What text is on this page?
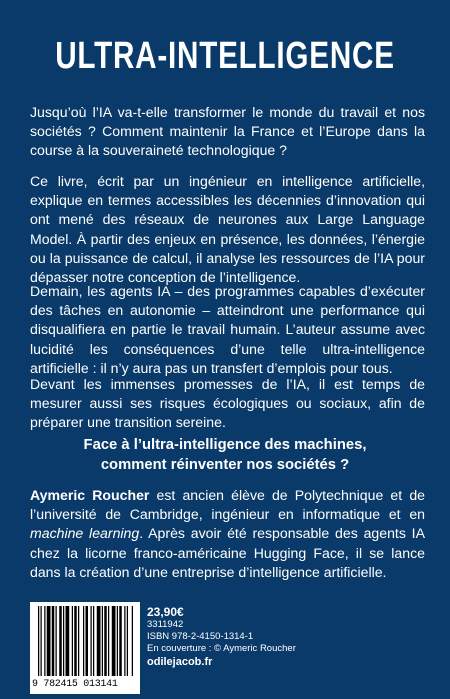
ULTRA-INTELLIGENCE

Jusqu’où l’IA va-t-elle transformer le monde du travail et nos sociétés ? Comment maintenir la France et l’Europe dans la course à la souveraineté technologique ?

Ce livre, écrit par un ingénieur en intelligence artificielle, explique en termes accessibles les décennies d’innovation qui ont mené des réseaux de neurones aux Large Language Model. À partir des enjeux en présence, les données, l’énergie ou la puissance de calcul, il analyse les ressources de l’IA pour dépasser notre conception de l’intelligence.

Demain, les agents IA – des programmes capables d’exécuter des tâches en autonomie – atteindront une performance qui disqualifiera en partie le travail humain. L’auteur assume avec lucidité les conséquences d’une telle ultra-intelligence artificielle : il n’y aura pas un transfert d’emplois pour tous.

Devant les immenses promesses de l’IA, il est temps de mesurer aussi ses risques écologiques ou sociaux, afin de préparer une transition sereine.

Face à l’ultra-intelligence des machines,
comment réinventer nos sociétés ?

Aymeric Roucher est ancien élève de Polytechnique et de l’université de Cambridge, ingénieur en informatique et en machine learning. Après avoir été responsable des agents IA chez la licorne franco-américaine Hugging Face, il se lance dans la création d’une entreprise d’intelligence artificielle.

9 782415 013141
23,90€
3311942
ISBN 978-2-4150-1314-1
En couverture : © Aymeric Roucher
odilejacob.fr
